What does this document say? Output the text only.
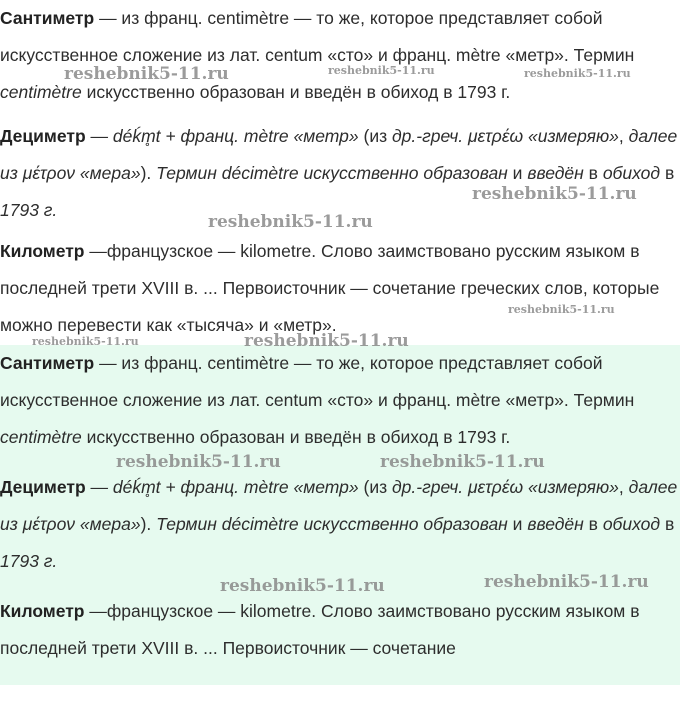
Сантиметр — из франц. centimètre — то же, которое представляет собой искусственное сложение из лат. centum «сто» и франц. mètre «метр». Термин centimètre искусственно образован и введён в обиход в 1793 г.

Дециметр — déḱm̥t + франц. mètre «метр» (из др.-греч. μετρέω «измеряю», далее из μέτρον «мера»). Термин décimètre искусственно образован и введён в обиход в 1793 г.

Километр —французское — kilometre. Слово заимствовано русским языком в последней трети XVIII в. ... Первоисточник — сочетание греческих слов, которые можно перевести как «тысяча» и «метр».

Сантиметр — из франц. centimètre — то же, которое представляет собой искусственное сложение из лат. centum «сто» и франц. mètre «метр». Термин centimètre искусственно образован и введён в обиход в 1793 г.

Дециметр — déḱm̥t + франц. mètre «метр» (из др.-греч. μετρέω «измеряю», далее из μέτρον «мера»). Термин décimètre искусственно образован и введён в обиход в 1793 г.

Километр —французское — kilometre. Слово заимствовано русским языком в последней трети XVIII в. ... Первоисточник — сочетание

reshebnik5-11.ru	reshebnik5-11.ru	reshebnik5-11.ru
reshebnik5-11.ru
reshebnik5-11.ru
reshebnik5-11.ru
reshebnik5-11.ru	reshebnik5-11.ru
reshebnik5-11.ru	reshebnik5-11.ru
reshebnik5-11.ru
reshebnik5-11.ru
